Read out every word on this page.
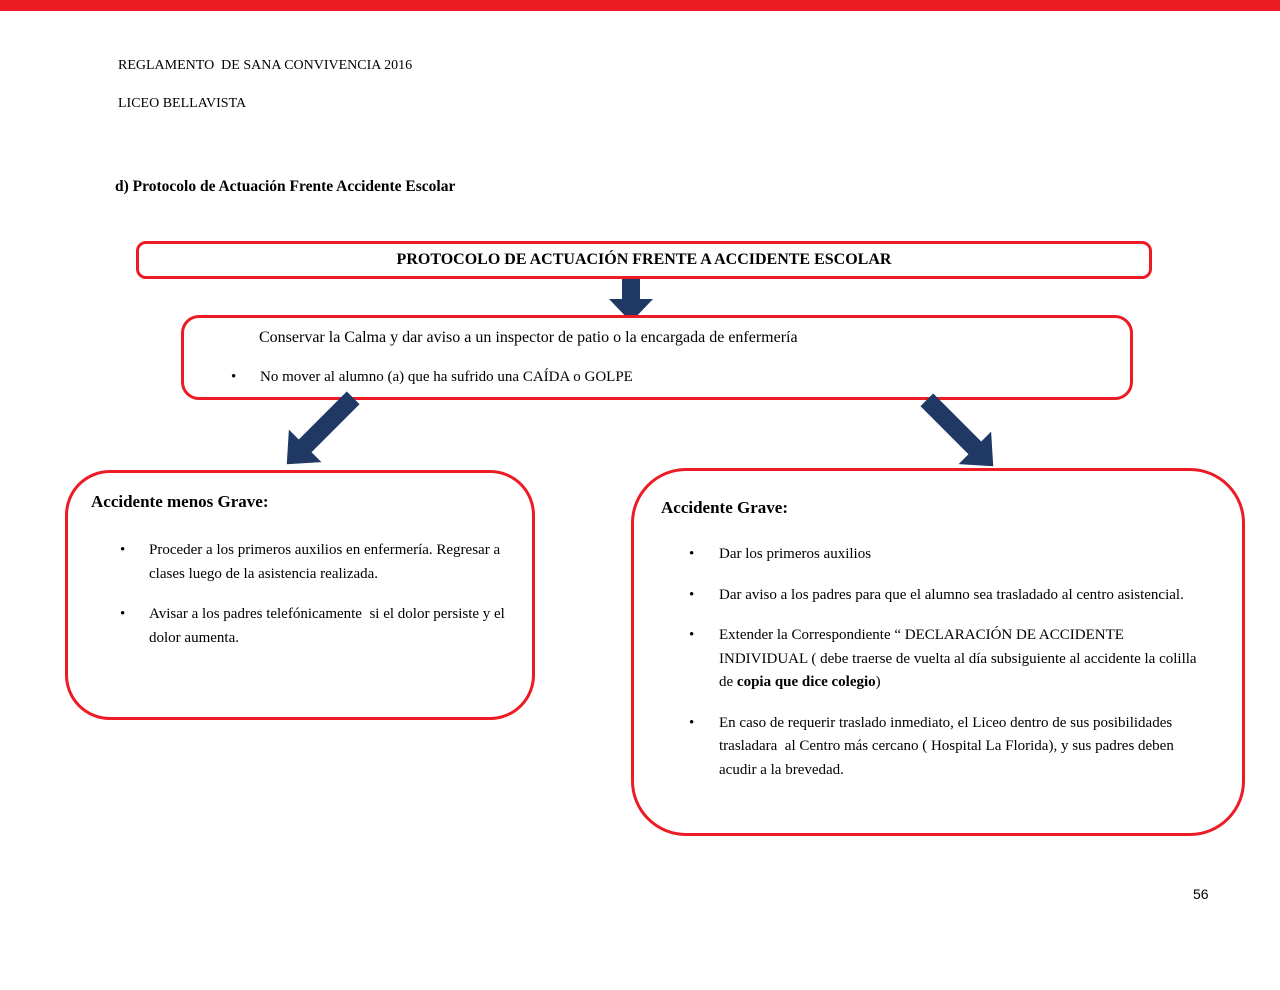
REGLAMENTO  DE SANA CONVIVENCIA 2016
LICEO BELLAVISTA
d) Protocolo de Actuación Frente Accidente Escolar
PROTOCOLO DE ACTUACIÓN FRENTE A ACCIDENTE ESCOLAR
Conservar la Calma y dar aviso a un inspector de patio o la encargada de enfermería
•	No mover al alumno (a) que ha sufrido una CAÍDA o GOLPE
Accidente menos Grave:
•	Proceder a los primeros auxilios en enfermería. Regresar a clases luego de la asistencia realizada.
•	Avisar a los padres telefónicamente  si el dolor persiste y el dolor aumenta.
Accidente Grave:
•	Dar los primeros auxilios
•	Dar aviso a los padres para que el alumno sea trasladado al centro asistencial.
•	Extender la Correspondiente “ DECLARACIÓN DE ACCIDENTE INDIVIDUAL ( debe traerse de vuelta al día subsiguiente al accidente la colilla de copia que dice colegio)
•	En caso de requerir traslado inmediato, el Liceo dentro de sus posibilidades  trasladara  al Centro más cercano ( Hospital La Florida), y sus padres deben acudir a la brevedad.
56
